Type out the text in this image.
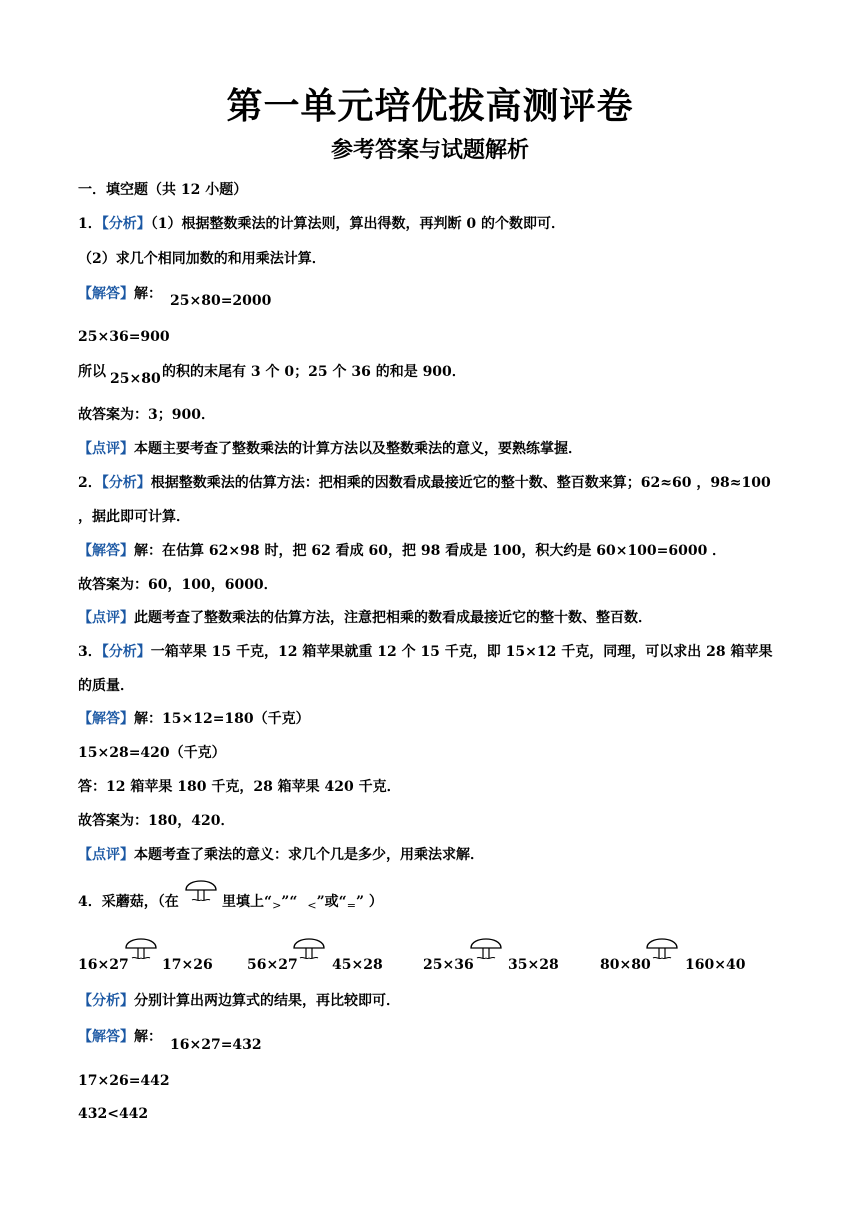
第一单元培优拔高测评卷
参考答案与试题解析
一．填空题（共 12 小题）
1．【分析】（1）根据整数乘法的计算法则，算出得数，再判断 0 的个数即可．
（2）求几个相同加数的和用乘法计算．
【解答】解： 25×80=2000
25×36=900
所以 25×80 的积的末尾有 3 个 0；25 个 36 的和是 900．
故答案为：3；900．
【点评】本题主要考查了整数乘法的计算方法以及整数乘法的意义，要熟练掌握．
2．【分析】根据整数乘法的估算方法：把相乘的因数看成最接近它的整十数、整百数来算；62≈60 ，98≈100
，据此即可计算．
【解答】解：在估算 62×98 时，把 62 看成 60，把 98 看成是 100，积大约是 60×100=6000 ．
故答案为：60，100，6000．
【点评】此题考查了整数乘法的估算方法，注意把相乘的数看成最接近它的整十数、整百数．
3．【分析】一箱苹果 15 千克，12 箱苹果就重 12 个 15 千克，即 15×12 千克，同理，可以求出 28 箱苹果
的质量．
【解答】解：15×12=180（千克）
15×28=420（千克）
答：12 箱苹果 180 千克，28 箱苹果 420 千克．
故答案为：180，420．
【点评】本题考查了乘法的意义：求几个几是多少，用乘法求解．
4．采蘑菇，（在	里填上“$_>”“$ $_<$”或“$_=$” ）
16×27 17×26 56×27 45×28	25×36 35×28	80×80 160×40
【分析】分别计算出两边算式的结果，再比较即可．
【解答】解： 16×27=432
17×26=442
432<442
